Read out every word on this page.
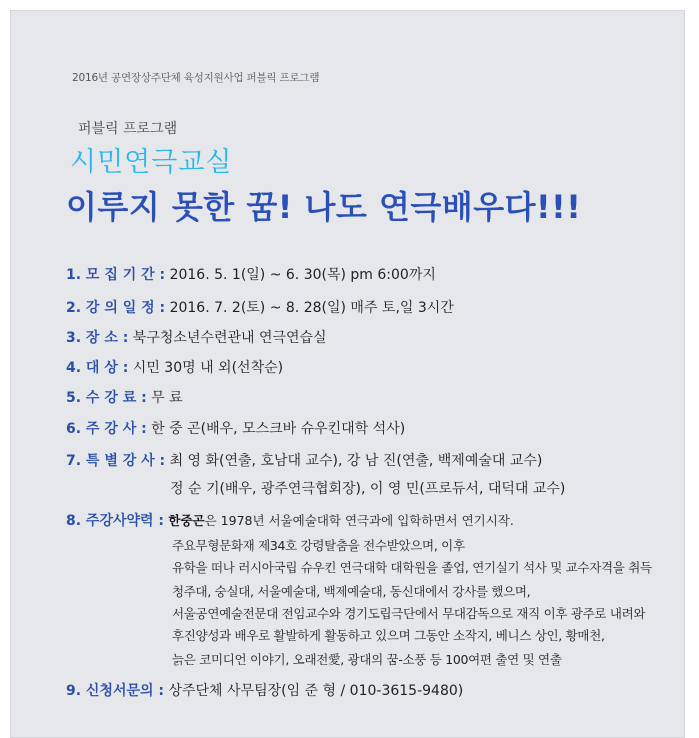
2016년 공연장상주단체 육성지원사업 퍼블릭 프로그램
퍼블릭 프로그램
시민연극교실
이루지 못한 꿈! 나도 연극배우다!!!
1. 모 집 기 간 : 2016. 5. 1(일) ~ 6. 30(목) pm 6:00까지
2. 강 의 일 정 : 2016. 7. 2(토) ~ 8. 28(일) 매주 토,일 3시간
3. 장 소 : 북구청소년수련관내 연극연습실
4. 대 상 : 시민 30명 내 외(선착순)
5. 수 강 료 : 무 료
6. 주 강 사 : 한 중 곤(배우, 모스크바 슈우킨대학 석사)
7. 특 별 강 사 : 최 영 화(연출, 호남대 교수), 강 남 진(연출, 백제예술대 교수)
정 순 기(배우, 광주연극협회장), 이 영 민(프로듀서, 대덕대 교수)
8. 주강사약력 : 한중곤은 1978년 서울예술대학 연극과에 입학하면서 연기시작.
주요무형문화재 제34호 강령탈춤을 전수받았으며, 이후
유학을 떠나 러시아국립 슈우킨 연극대학 대학원을 졸업, 연기실기 석사 및 교수자격을 취득
청주대, 숭실대, 서울예술대, 백제예술대, 동신대에서 강사를 했으며,
서울공연예술전문대 전임교수와 경기도립극단에서 무대감독으로 재직 이후 광주로 내려와
후진양성과 배우로 활발하게 활동하고 있으며 그동안 소작지, 베니스 상인, 황매천,
늙은 코미디언 이야기, 오래전愛, 광대의 꿈-소풍 등 100여편 출연 및 연출
9. 신청서문의 : 상주단체 사무팀장(임 준 형 / 010-3615-9480)
